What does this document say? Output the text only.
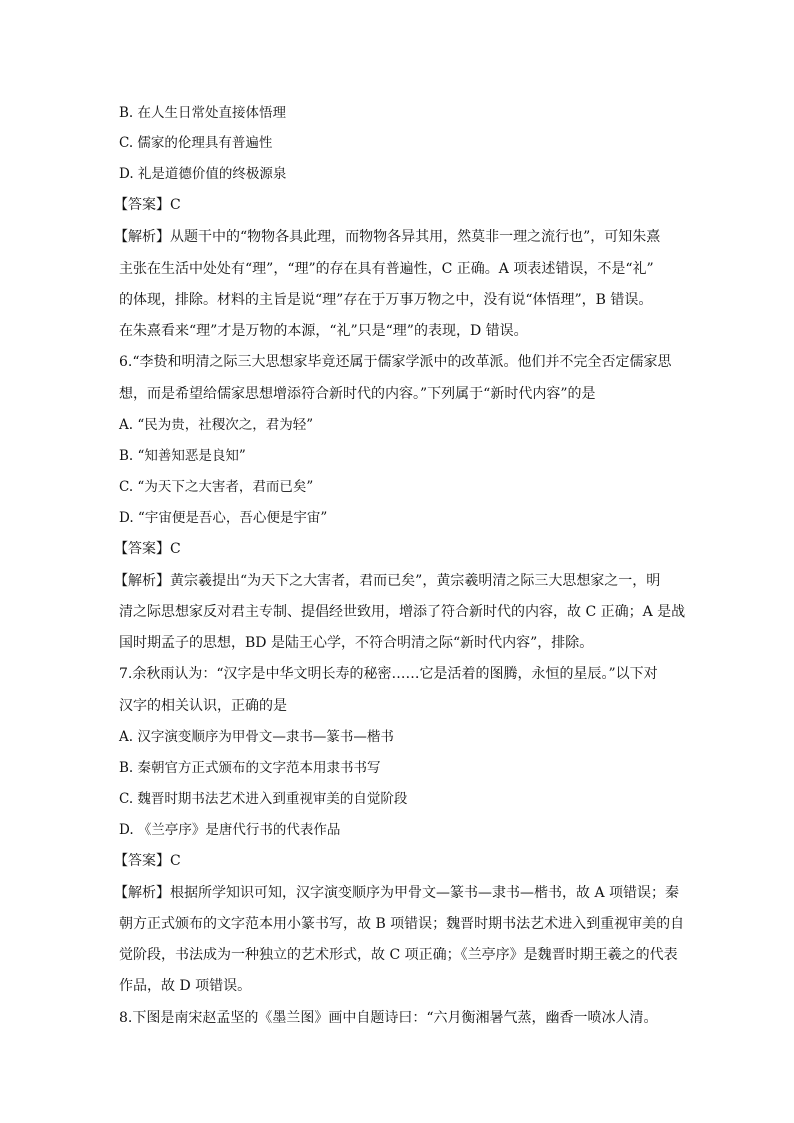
B. 在人生日常处直接体悟理
C. 儒家的伦理具有普遍性
D. 礼是道德价值的终极源泉
【答案】C
【解析】从题干中的“物物各具此理，而物物各异其用，然莫非一理之流行也”，可知朱熹
主张在生活中处处有“理”，“理”的存在具有普遍性，C 正确。A 项表述错误，不是“礼”
的体现，排除。材料的主旨是说“理”存在于万事万物之中，没有说“体悟理”，B 错误。
在朱熹看来“理”才是万物的本源，“礼”只是“理”的表现，D 错误。
6.“李贽和明清之际三大思想家毕竟还属于儒家学派中的改革派。他们并不完全否定儒家思
想，而是希望给儒家思想增添符合新时代的内容。”下列属于“新时代内容”的是
A. “民为贵，社稷次之，君为轻”
B. “知善知恶是良知”
C. “为天下之大害者，君而已矣”
D. “宇宙便是吾心，吾心便是宇宙”
【答案】C
【解析】黄宗羲提出“为天下之大害者，君而已矣”，黄宗羲明清之际三大思想家之一，明
清之际思想家反对君主专制、提倡经世致用，增添了符合新时代的内容，故 C 正确；A 是战
国时期孟子的思想，BD 是陆王心学，不符合明清之际“新时代内容”，排除。
7.余秋雨认为：“汉字是中华文明长寿的秘密……它是活着的图腾，永恒的星辰。”以下对
汉字的相关认识，正确的是
A. 汉字演变顺序为甲骨文—隶书—篆书—楷书
B. 秦朝官方正式颁布的文字范本用隶书书写
C. 魏晋时期书法艺术进入到重视审美的自觉阶段
D. 《兰亭序》是唐代行书的代表作品
【答案】C
【解析】根据所学知识可知，汉字演变顺序为甲骨文—篆书—隶书—楷书，故 A 项错误；秦
朝方正式颁布的文字范本用小篆书写，故 B 项错误；魏晋时期书法艺术进入到重视审美的自
觉阶段，书法成为一种独立的艺术形式，故 C 项正确；《兰亭序》是魏晋时期王羲之的代表
作品，故 D 项错误。
8.下图是南宋赵孟坚的《墨兰图》画中自题诗曰：“六月衡湘暑气蒸，幽香一喷冰人清。
